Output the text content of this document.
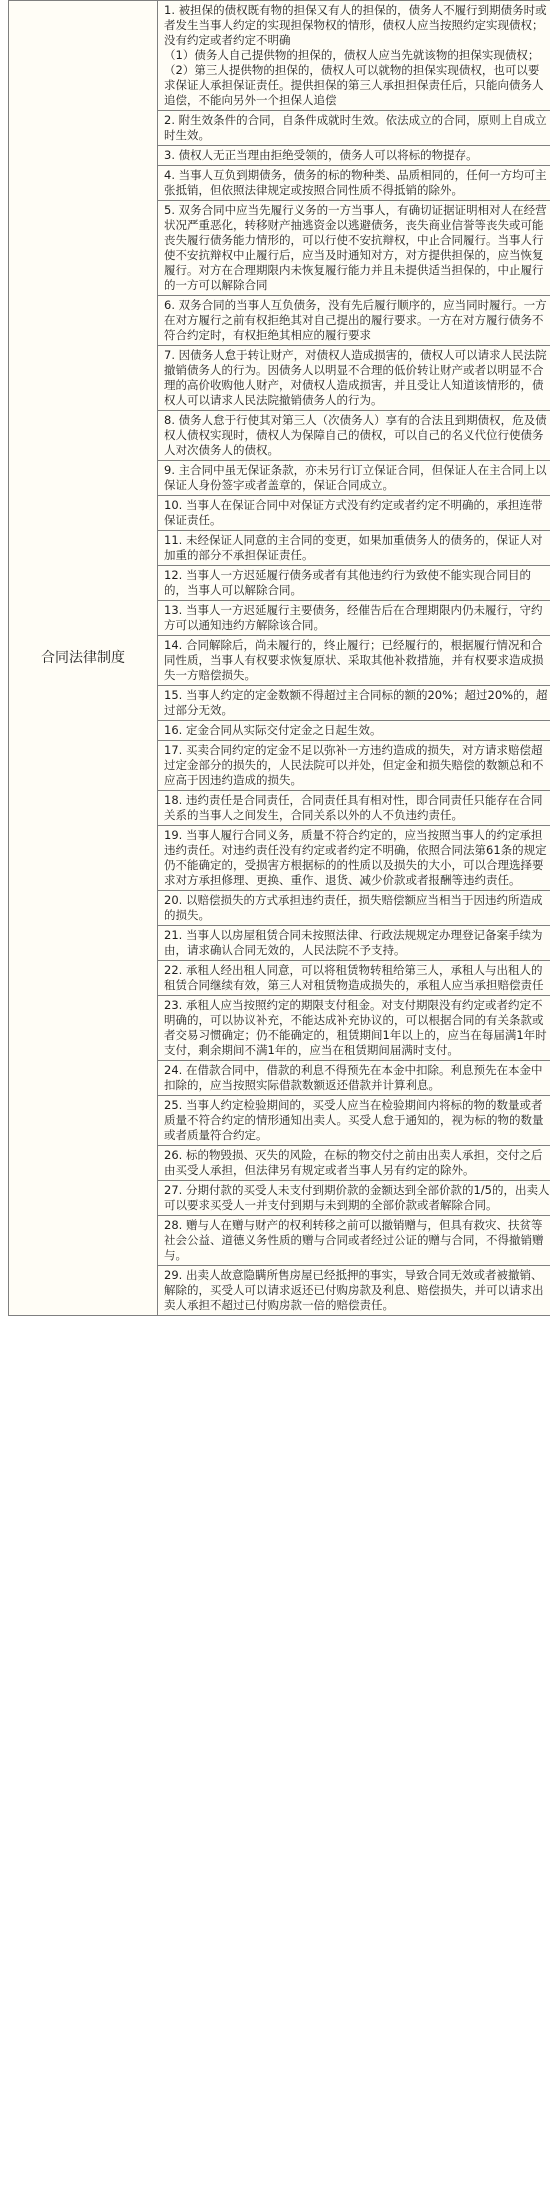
合同法律制度	
1. 被担保的债权既有物的担保又有人的担保的，债务人不履行到期债务时或者发生当事人约定的实现担保物权的情形，债权人应当按照约定实现债权；没有约定或者约定不明确
（1）债务人自己提供物的担保的，债权人应当先就该物的担保实现债权；
（2）第三人提供物的担保的，债权人可以就物的担保实现债权，也可以要求保证人承担保证责任。提供担保的第三人承担担保责任后，只能向债务人追偿，不能向另外一个担保人追偿

2. 附生效条件的合同，自条件成就时生效。依法成立的合同，原则上自成立时生效。

3. 债权人无正当理由拒绝受领的，债务人可以将标的物提存。

4. 当事人互负到期债务，债务的标的物种类、品质相同的，任何一方均可主张抵销，但依照法律规定或按照合同性质不得抵销的除外。

5. 双务合同中应当先履行义务的一方当事人，有确切证据证明相对人在经营状况严重恶化，转移财产抽逃资金以逃避债务，丧失商业信誉等丧失或可能丧失履行债务能力情形的，可以行使不安抗辩权，中止合同履行。当事人行使不安抗辩权中止履行后，应当及时通知对方，对方提供担保的，应当恢复履行。对方在合理期限内未恢复履行能力并且未提供适当担保的，中止履行的一方可以解除合同

6. 双务合同的当事人互负债务，没有先后履行顺序的，应当同时履行。一方在对方履行之前有权拒绝其对自己提出的履行要求。一方在对方履行债务不符合约定时，有权拒绝其相应的履行要求

7. 因债务人怠于转让财产，对债权人造成损害的，债权人可以请求人民法院撤销债务人的行为。因债务人以明显不合理的低价转让财产或者以明显不合理的高价收购他人财产，对债权人造成损害，并且受让人知道该情形的，债权人可以请求人民法院撤销债务人的行为。

8. 债务人怠于行使其对第三人（次债务人）享有的合法且到期债权，危及债权人债权实现时，债权人为保障自己的债权，可以自己的名义代位行使债务人对次债务人的债权。

9. 主合同中虽无保证条款，亦未另行订立保证合同，但保证人在主合同上以保证人身份签字或者盖章的，保证合同成立。

10. 当事人在保证合同中对保证方式没有约定或者约定不明确的，承担连带保证责任。

11. 未经保证人同意的主合同的变更，如果加重债务人的债务的，保证人对加重的部分不承担保证责任。

12. 当事人一方迟延履行债务或者有其他违约行为致使不能实现合同目的的，当事人可以解除合同。

13. 当事人一方迟延履行主要债务，经催告后在合理期限内仍未履行，守约方可以通知违约方解除该合同。

14. 合同解除后，尚未履行的，终止履行；已经履行的，根据履行情况和合同性质，当事人有权要求恢复原状、采取其他补救措施，并有权要求造成损失一方赔偿损失。

15. 当事人约定的定金数额不得超过主合同标的额的20%；超过20%的，超过部分无效。

16. 定金合同从实际交付定金之日起生效。

17. 买卖合同约定的定金不足以弥补一方违约造成的损失，对方请求赔偿超过定金部分的损失的，人民法院可以并处，但定金和损失赔偿的数额总和不应高于因违约造成的损失。

18. 违约责任是合同责任，合同责任具有相对性，即合同责任只能存在合同关系的当事人之间发生，合同关系以外的人不负违约责任。

19. 当事人履行合同义务，质量不符合约定的，应当按照当事人的约定承担违约责任。对违约责任没有约定或者约定不明确，依照合同法第61条的规定仍不能确定的，受损害方根据标的的性质以及损失的大小，可以合理选择要求对方承担修理、更换、重作、退货、减少价款或者报酬等违约责任。

20. 以赔偿损失的方式承担违约责任，损失赔偿额应当相当于因违约所造成的损失。

21. 当事人以房屋租赁合同未按照法律、行政法规规定办理登记备案手续为由，请求确认合同无效的，人民法院不予支持。

22. 承租人经出租人同意，可以将租赁物转租给第三人，承租人与出租人的租赁合同继续有效，第三人对租赁物造成损失的，承租人应当承担赔偿责任

23. 承租人应当按照约定的期限支付租金。对支付期限没有约定或者约定不明确的，可以协议补充，不能达成补充协议的，可以根据合同的有关条款或者交易习惯确定；仍不能确定的，租赁期间1年以上的，应当在每届满1年时支付，剩余期间不满1年的，应当在租赁期间届满时支付。

24. 在借款合同中，借款的利息不得预先在本金中扣除。利息预先在本金中扣除的，应当按照实际借款数额返还借款并计算利息。

25. 当事人约定检验期间的，买受人应当在检验期间内将标的物的数量或者质量不符合约定的情形通知出卖人。买受人怠于通知的，视为标的物的数量或者质量符合约定。

26. 标的物毁损、灭失的风险，在标的物交付之前由出卖人承担，交付之后由买受人承担，但法律另有规定或者当事人另有约定的除外。

27. 分期付款的买受人未支付到期价款的金额达到全部价款的1/5的，出卖人可以要求买受人一并支付到期与未到期的全部价款或者解除合同。

28. 赠与人在赠与财产的权利转移之前可以撤销赠与，但具有救灾、扶贫等社会公益、道德义务性质的赠与合同或者经过公证的赠与合同，不得撤销赠与。

29. 出卖人故意隐瞒所售房屋已经抵押的事实，导致合同无效或者被撤销、解除的，买受人可以请求返还已付购房款及利息、赔偿损失，并可以请求出卖人承担不超过已付购房款一倍的赔偿责任。
